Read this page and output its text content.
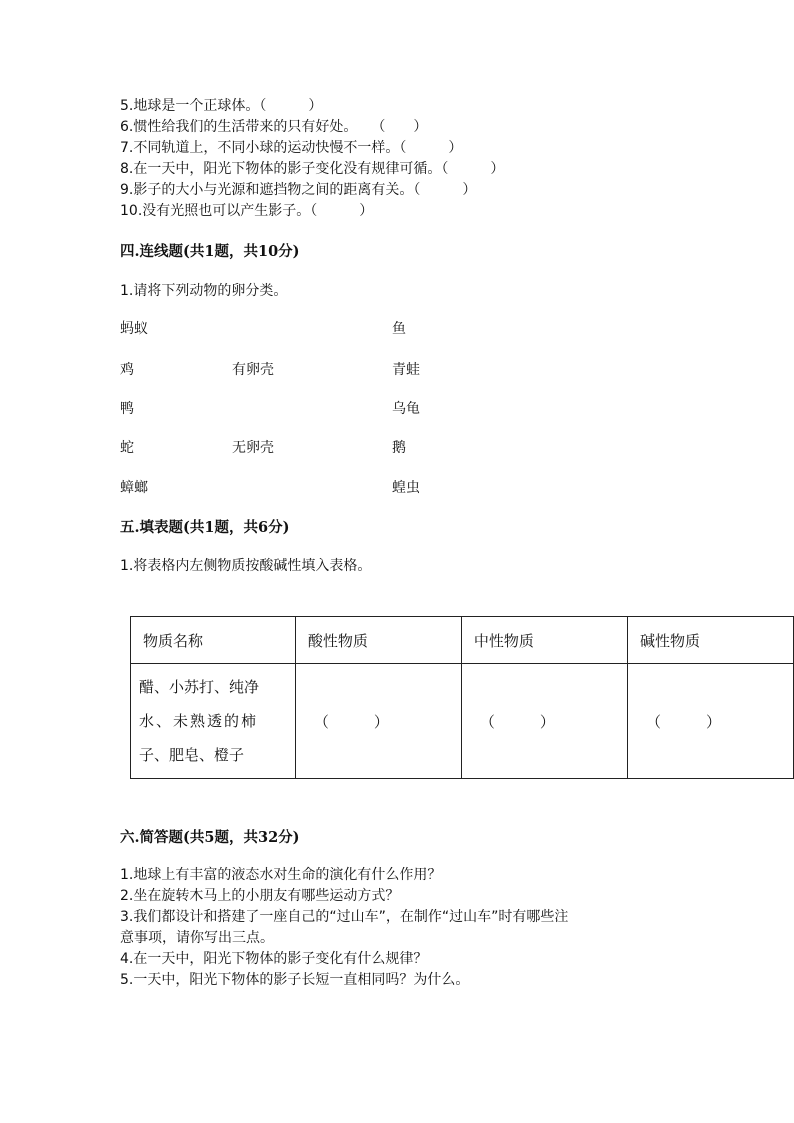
5.地球是一个正球体。（　　　）
6.惯性给我们的生活带来的只有好处。　　（　　）
7.不同轨道上，不同小球的运动快慢不一样。（　　　）
8.在一天中，阳光下物体的影子变化没有规律可循。（　　　）
9.影子的大小与光源和遮挡物之间的距离有关。（　　　）
10.没有光照也可以产生影子。（　　　）
四.连线题(共1题，共10分)
1.请将下列动物的卵分类。
蚂蚁
鸡
鸭
蛇
蟑螂
有卵壳
无卵壳
鱼
青蛙
乌龟
鹅
蝗虫
五.填表题(共1题，共6分)
1.将表格内左侧物质按酸碱性填入表格。
物质名称	酸性物质	中性物质	碱性物质

醋、小苏打、纯净
水、未熟透的柿
子、肥皂、橙子	（　　　）	（　　　）	（　　　）
六.简答题(共5题，共32分)
1.地球上有丰富的液态水对生命的演化有什么作用？
2.坐在旋转木马上的小朋友有哪些运动方式？
3.我们都设计和搭建了一座自己的“过山车”，在制作“过山车”时有哪些注
意事项，请你写出三点。
4.在一天中，阳光下物体的影子变化有什么规律？
5.一天中，阳光下物体的影子长短一直相同吗？为什么。
